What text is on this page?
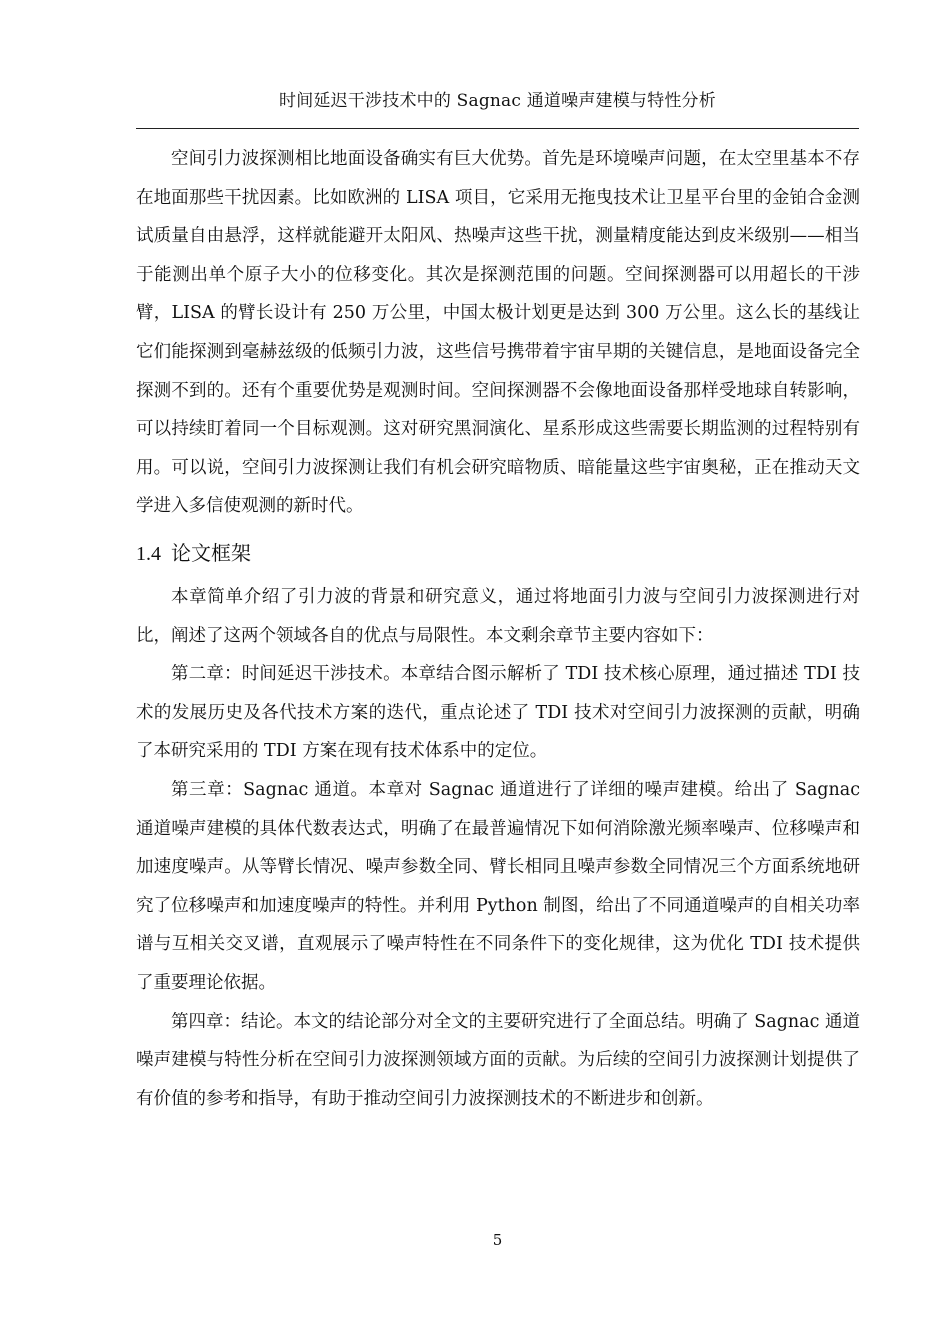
时间延迟干涉技术中的 Sagnac 通道噪声建模与特性分析

空间引力波探测相比地面设备确实有巨大优势。首先是环境噪声问题，在太空里基本不存在地面那些干扰因素。比如欧洲的 LISA 项目，它采用无拖曳技术让卫星平台里的金铂合金测试质量自由悬浮，这样就能避开太阳风、热噪声这些干扰，测量精度能达到皮米级别——相当于能测出单个原子大小的位移变化。其次是探测范围的问题。空间探测器可以用超长的干涉臂，LISA 的臂长设计有 250 万公里，中国太极计划更是达到 300 万公里。这么长的基线让它们能探测到毫赫兹级的低频引力波，这些信号携带着宇宙早期的关键信息，是地面设备完全探测不到的。还有个重要优势是观测时间。空间探测器不会像地面设备那样受地球自转影响，可以持续盯着同一个目标观测。这对研究黑洞演化、星系形成这些需要长期监测的过程特别有用。可以说，空间引力波探测让我们有机会研究暗物质、暗能量这些宇宙奥秘，正在推动天文学进入多信使观测的新时代。

1.4 论文框架

本章简单介绍了引力波的背景和研究意义，通过将地面引力波与空间引力波探测进行对比，阐述了这两个领域各自的优点与局限性。本文剩余章节主要内容如下：

第二章：时间延迟干涉技术。本章结合图示解析了 TDI 技术核心原理，通过描述 TDI 技术的发展历史及各代技术方案的迭代，重点论述了 TDI 技术对空间引力波探测的贡献，明确了本研究采用的 TDI 方案在现有技术体系中的定位。

第三章：Sagnac 通道。本章对 Sagnac 通道进行了详细的噪声建模。给出了 Sagnac 通道噪声建模的具体代数表达式，明确了在最普遍情况下如何消除激光频率噪声、位移噪声和加速度噪声。从等臂长情况、噪声参数全同、臂长相同且噪声参数全同情况三个方面系统地研究了位移噪声和加速度噪声的特性。并利用 Python 制图，给出了不同通道噪声的自相关功率谱与互相关交叉谱，直观展示了噪声特性在不同条件下的变化规律，这为优化 TDI 技术提供了重要理论依据。

第四章：结论。本文的结论部分对全文的主要研究进行了全面总结。明确了 Sagnac 通道噪声建模与特性分析在空间引力波探测领域方面的贡献。为后续的空间引力波探测计划提供了有价值的参考和指导，有助于推动空间引力波探测技术的不断进步和创新。

5
